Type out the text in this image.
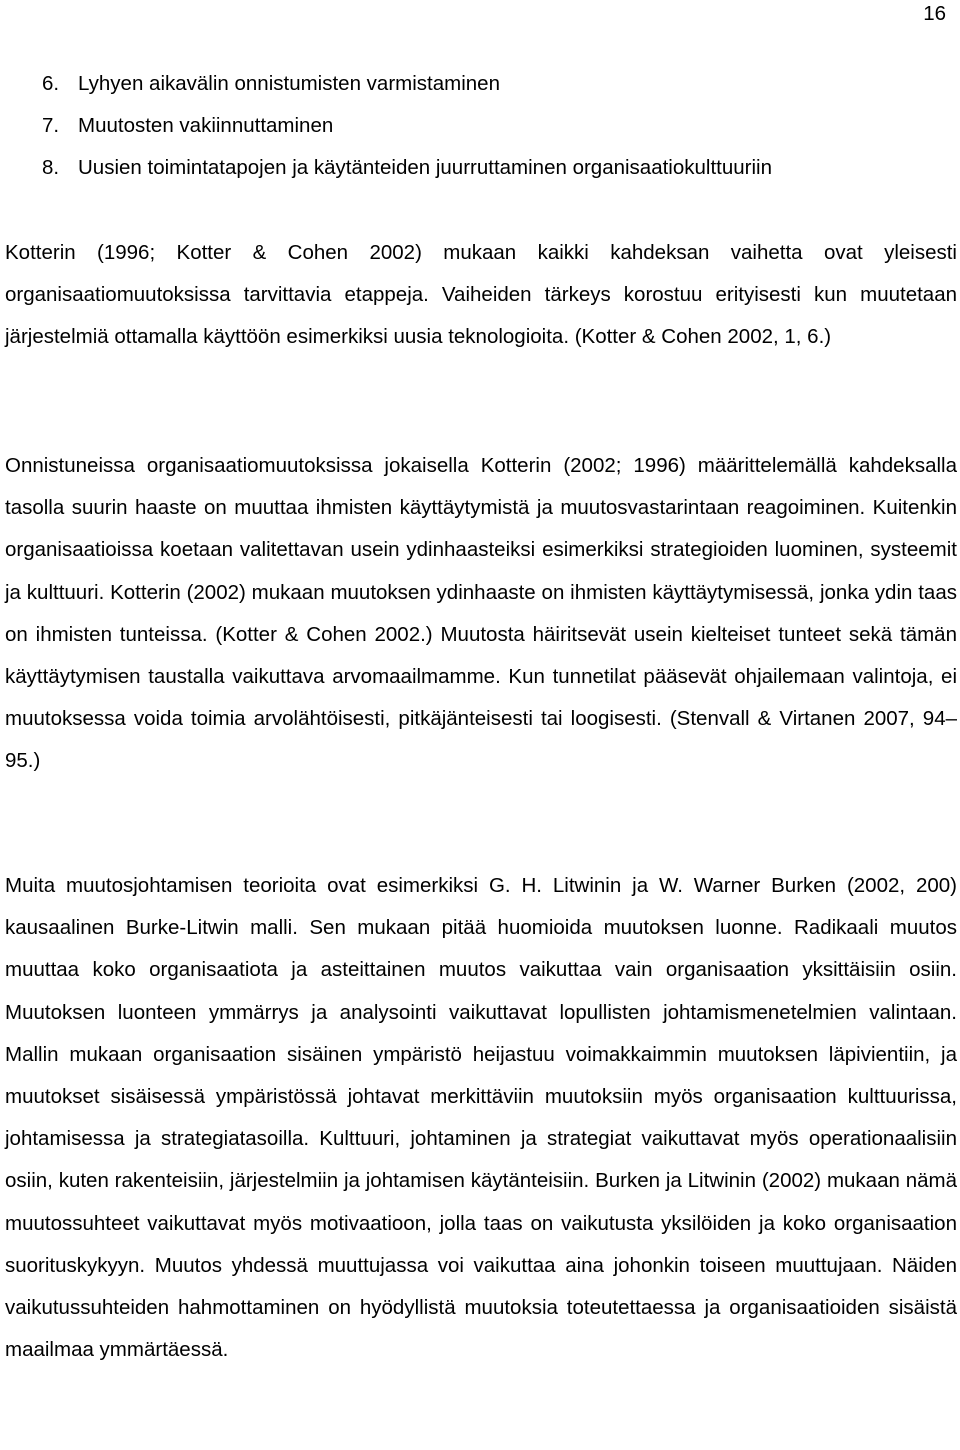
16
6. Lyhyen aikavälin onnistumisten varmistaminen
7. Muutosten vakiinnuttaminen
8. Uusien toimintatapojen ja käytänteiden juurruttaminen organisaatiokulttuuriin

Kotterin (1996; Kotter & Cohen 2002) mukaan kaikki kahdeksan vaihetta ovat yleisesti organisaatiomuutoksissa tarvittavia etappeja. Vaiheiden tärkeys korostuu erityisesti kun muutetaan järjestelmiä ottamalla käyttöön esimerkiksi uusia teknologioita. (Kotter & Cohen 2002, 1, 6.)

Onnistuneissa organisaatiomuutoksissa jokaisella Kotterin (2002; 1996) määrittelemällä kahdeksalla tasolla suurin haaste on muuttaa ihmisten käyttäytymistä ja muutosvastarintaan reagoiminen. Kuitenkin organisaatioissa koetaan valitettavan usein ydinhaasteiksi esimerkiksi strategioiden luominen, systeemit ja kulttuuri. Kotterin (2002) mukaan muutoksen ydinhaaste on ihmisten käyttäytymisessä, jonka ydin taas on ihmisten tunteissa. (Kotter & Cohen 2002.) Muutosta häiritsevät usein kielteiset tunteet sekä tämän käyttäytymisen taustalla vaikuttava arvomaailmamme. Kun tunnetilat pääsevät ohjailemaan valintoja, ei muutoksessa voida toimia arvolähtöisesti, pitkäjänteisesti tai loogisesti. (Stenvall & Virtanen 2007, 94–95.)

Muita muutosjohtamisen teorioita ovat esimerkiksi G. H. Litwinin ja W. Warner Burken (2002, 200) kausaalinen Burke-Litwin malli. Sen mukaan pitää huomioida muutoksen luonne. Radikaali muutos muuttaa koko organisaatiota ja asteittainen muutos vaikuttaa vain organisaation yksittäisiin osiin. Muutoksen luonteen ymmärrys ja analysointi vaikuttavat lopullisten johtamismenetelmien valintaan. Mallin mukaan organisaation sisäinen ympäristö heijastuu voimakkaimmin muutoksen läpivientiin, ja muutokset sisäisessä ympäristössä johtavat merkittäviin muutoksiin myös organisaation kulttuurissa, johtamisessa ja strategiatasoilla. Kulttuuri, johtaminen ja strategiat vaikuttavat myös operationaalisiin osiin, kuten rakenteisiin, järjestelmiin ja johtamisen käytänteisiin. Burken ja Litwinin (2002) mukaan nämä muutossuhteet vaikuttavat myös motivaatioon, jolla taas on vaikutusta yksilöiden ja koko organisaation suorituskykyyn. Muutos yhdessä muuttujassa voi vaikuttaa aina johonkin toiseen muuttujaan. Näiden vaikutussuhteiden hahmottaminen on hyödyllistä muutoksia toteutettaessa ja organisaatioiden sisäistä maailmaa ymmärtäessä.
